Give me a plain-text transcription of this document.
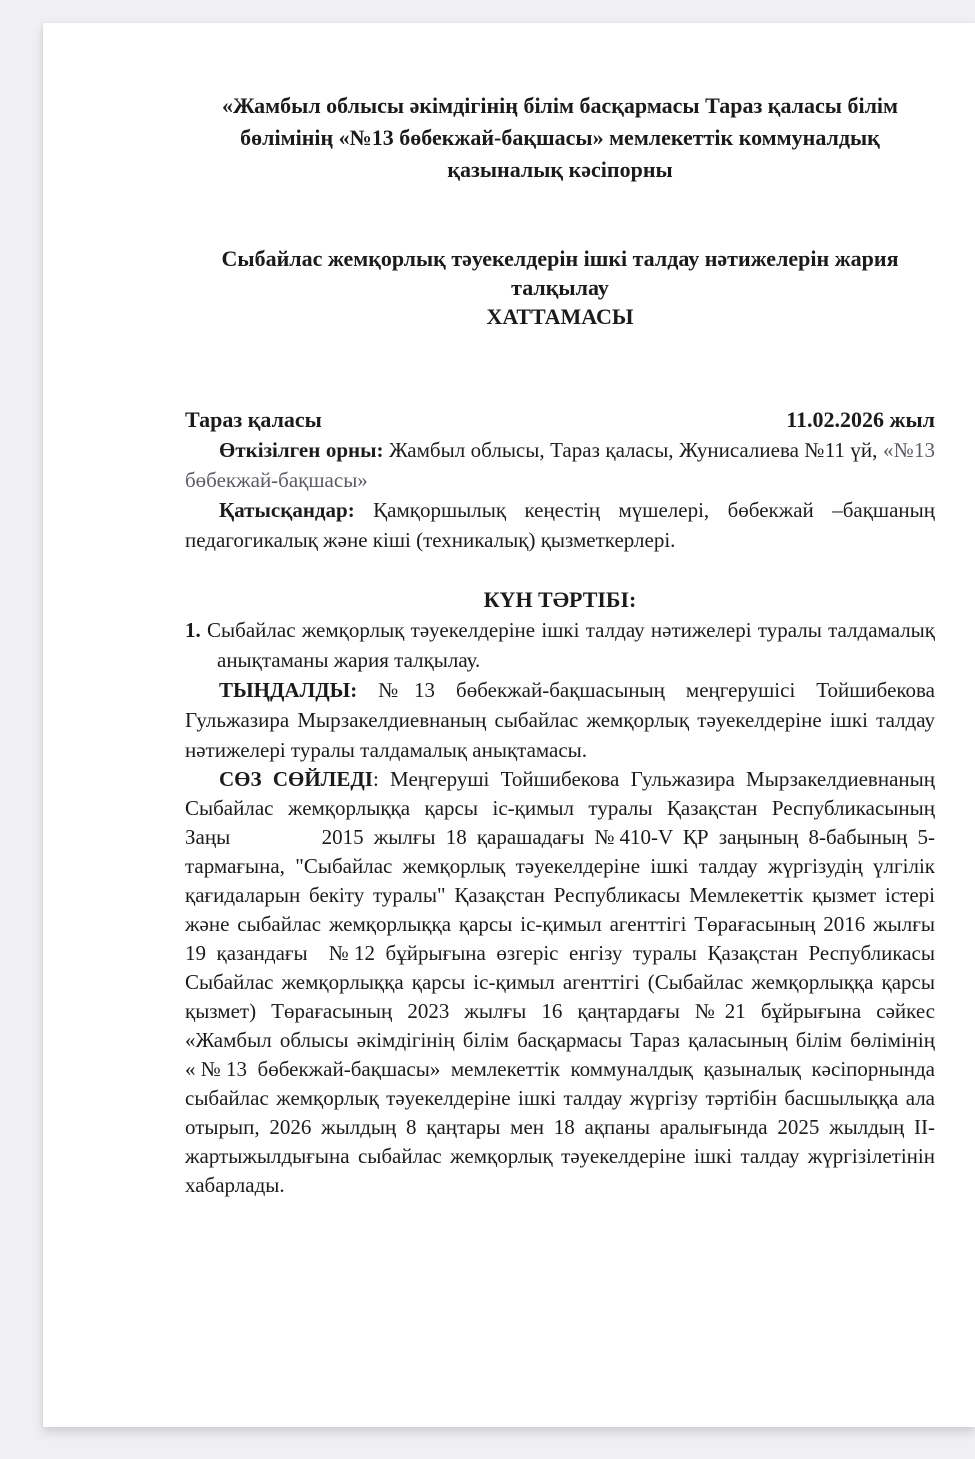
«Жамбыл облысы әкімдігінің білім басқармасы Тараз қаласы білім бөлімінің «№13 бөбекжай-бақшасы» мемлекеттік коммуналдық қазыналық кәсіпорны
Сыбайлас жемқорлық тәуекелдерін ішкі талдау нәтижелерін жария талқылау
ХАТТАМАСЫ
Тараз қаласы	11.02.2026 жыл

Өткізілген орны: Жамбыл облысы, Тараз қаласы, Жунисалиева №11 үй, «№13 бөбекжай-бақшасы»

Қатысқандар: Қамқоршылық кеңестің мүшелері, бөбекжай –бақшаның педагогикалық және кіші (техникалық) қызметкерлері.

КҮН ТӘРТІБІ:

1. Сыбайлас жемқорлық тәуекелдеріне ішкі талдау нәтижелері туралы талдамалық анықтаманы жария талқылау.

ТЫҢДАЛДЫ: №13 бөбекжай-бақшасының меңгерушісі Тойшибекова Гульжазира Мырзакелдиевнаның сыбайлас жемқорлық тәуекелдеріне ішкі талдау нәтижелері туралы талдамалық анықтамасы.

СӨЗ СӨЙЛЕДІ: Меңгеруші Тойшибекова Гульжазира Мырзакелдиевнаның Сыбайлас жемқорлыққа қарсы іс-қимыл туралы Қазақстан Республикасының Заңы         2015 жылғы 18 қарашадағы №410-V ҚР заңының 8-бабының 5-тармағына, "Сыбайлас жемқорлық тәуекелдеріне ішкі талдау жүргізудің үлгілік қағидаларын бекіту туралы" Қазақстан Республикасы Мемлекеттік қызмет істері және сыбайлас жемқорлыққа қарсы іс-қимыл агенттігі Төрағасының 2016 жылғы 19 қазандағы  №12 бұйрығына өзгеріс енгізу туралы Қазақстан Республикасы Сыбайлас жемқорлыққа қарсы іс-қимыл агенттігі (Сыбайлас жемқорлыққа қарсы қызмет) Төрағасының 2023 жылғы 16 қаңтардағы №21 бұйрығына сәйкес «Жамбыл облысы әкімдігінің білім басқармасы Тараз қаласының білім бөлімінің «№13 бөбекжай-бақшасы» мемлекеттік коммуналдық қазыналық кәсіпорнында сыбайлас жемқорлық тәуекелдеріне ішкі талдау жүргізу тәртібін басшылыққа ала отырып, 2026 жылдың 8 қаңтары мен 18 ақпаны аралығында 2025 жылдың II-жартыжылдығына сыбайлас жемқорлық тәуекелдеріне ішкі талдау жүргізілетінін хабарлады.
